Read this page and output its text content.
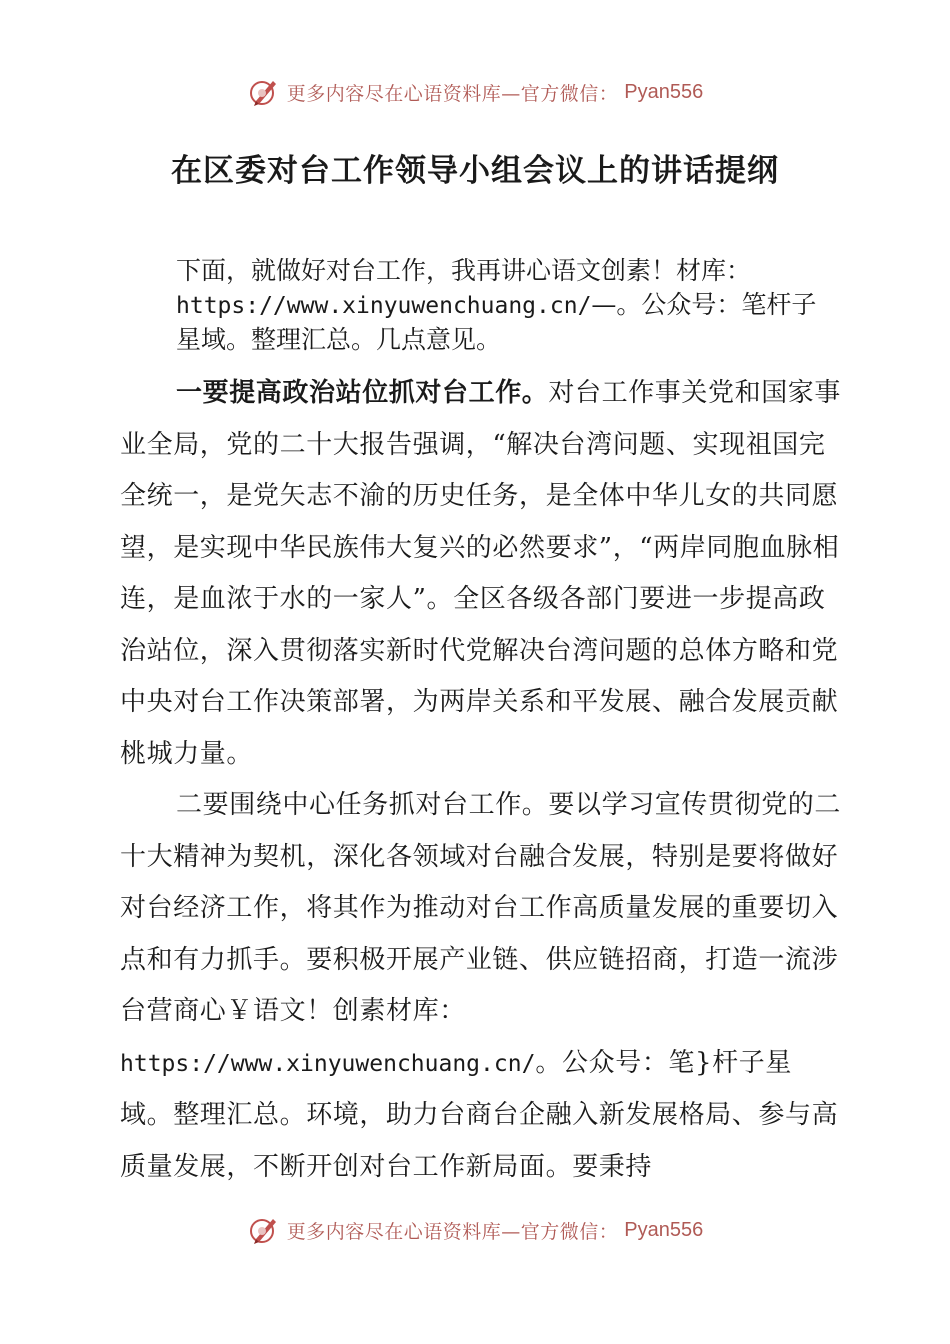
更多内容尽在心语资料库—官方微信： Pyan556
在区委对台工作领导小组会议上的讲话提纲

下面，就做好对台工作，我再讲心语文创素！材库：https://www.xinyuwenchuang.cn/—。公众号：笔杆子星域。整理汇总。几点意见。

一要提高政治站位抓对台工作。对台工作事关党和国家事业全局，党的二十大报告强调，“解决台湾问题、实现祖国完全统一，是党矢志不渝的历史任务，是全体中华儿女的共同愿望，是实现中华民族伟大复兴的必然要求”，“两岸同胞血脉相连，是血浓于水的一家人”。全区各级各部门要进一步提高政治站位，深入贯彻落实新时代党解决台湾问题的总体方略和党中央对台工作决策部署，为两岸关系和平发展、融合发展贡献桃城力量。

二要围绕中心任务抓对台工作。要以学习宣传贯彻党的二十大精神为契机，深化各领域对台融合发展，特别是要将做好对台经济工作，将其作为推动对台工作高质量发展的重要切入点和有力抓手。要积极开展产业链、供应链招商，打造一流涉台营商心￥语文！创素材库：https://www.xinyuwenchuang.cn/。公众号：笔}杆子星域。整理汇总。环境，助力台商台企融入新发展格局、参与高质量发展，不断开创对台工作新局面。要秉持

更多内容尽在心语资料库—官方微信： Pyan556
